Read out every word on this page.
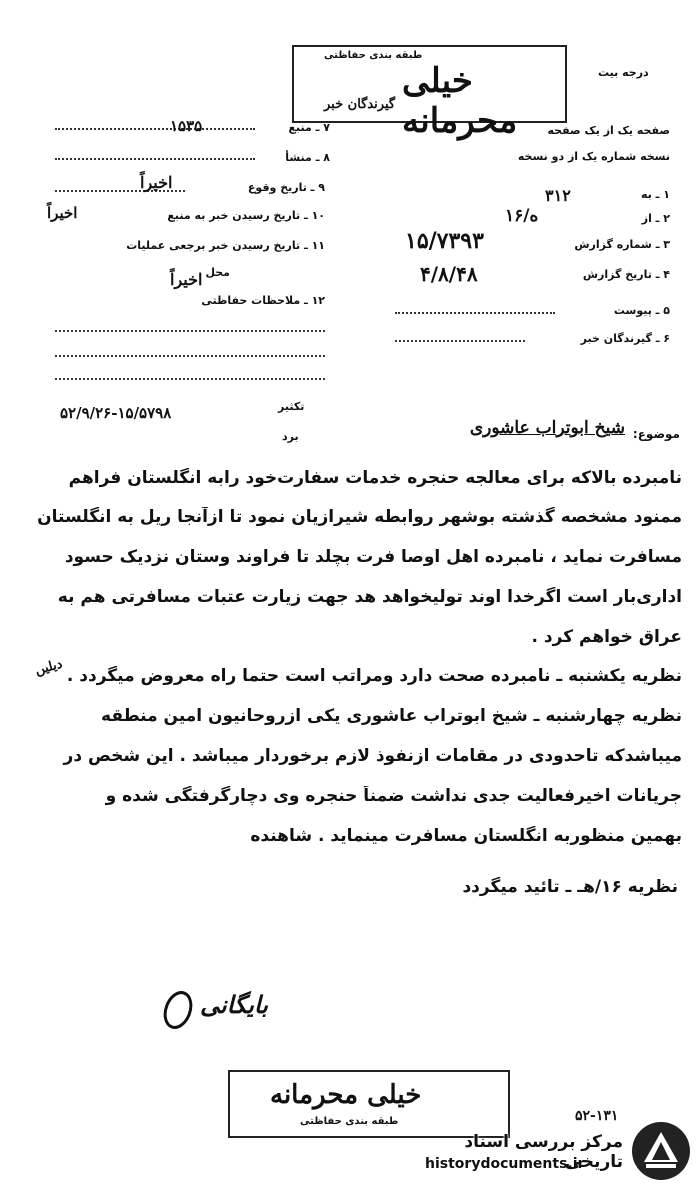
طبقه بندی حفاظتی
خیلی محرمانه
گیرندگان خبر
درجه بیت
۷ ـ منبع
۱۵۳۵
۸ ـ منشأ
۹ ـ تاریخ وقوع
اخیراً
۱۰ ـ تاریخ رسیدن خبر به منبع
اخیراً
۱۱ ـ تاریخ رسیدن خبر برجعی عملیات
محل
اخیراً
۱۲ ـ ملاحظات حفاظتی
صفحه یک از یک صفحه
نسخه شماره یک از دو نسخه
۱ ـ به
۳۱۲
۲ ـ از
۱۶/ه
۳ ـ شماره گزارش
۱۵/۷۳۹۳
۴ ـ تاریخ گزارش
۴/۸/۴۸
۵ ـ پیوست
۶ ـ گیرندگان خبر
موضوع:
شیخ ابوتراب عاشوری
تکثیر
برد
۵۲/۹/۲۶-۱۵/۵۷۹۸
نامبرده بالاکه برای معالجه حنجره خدمات سفارت‌خود رابه انگلستان فراهم
ممنود مشخصه گذشته بوشهر روابطه شیرازیان نمود تا ازآنجا ریل به انگلستان
مسافرت نماید ، نامبرده اهل اوصا فرت بچلد تا فراوند وستان نزدیک حسود
اداری‌بار است اگرخدا اوند تولیخواهد هد جهت زیارت عتبات مسافرتی هم به
عراق خواهم کرد .
نظریه یکشنبه ـ نامبرده صحت دارد ومراتب است حتما راه معروض میگردد .
دیلیں
نظریه چهارشنبه ـ شیخ ابوتراب عاشوری یکی ازروحانیون امین منطقه
میباشدکه تاحدودی در مقامات ازنفوذ لازم برخوردار میباشد . این شخص در
جریانات اخیرفعالیت جدی نداشت ضمناً حنجره وی دچارگرفتگی شده و
بهمین منظوربه انگلستان مسافرت مینماید . شاهنده
نظریه ۱۶/هـ ـ تائید میگردد
بایگانی
خیلی محرمانه
طبقه بندی حفاظتی	۵۲-۱۳۱
مرکز بررسی اسناد تاریخی
historydocuments.ir
